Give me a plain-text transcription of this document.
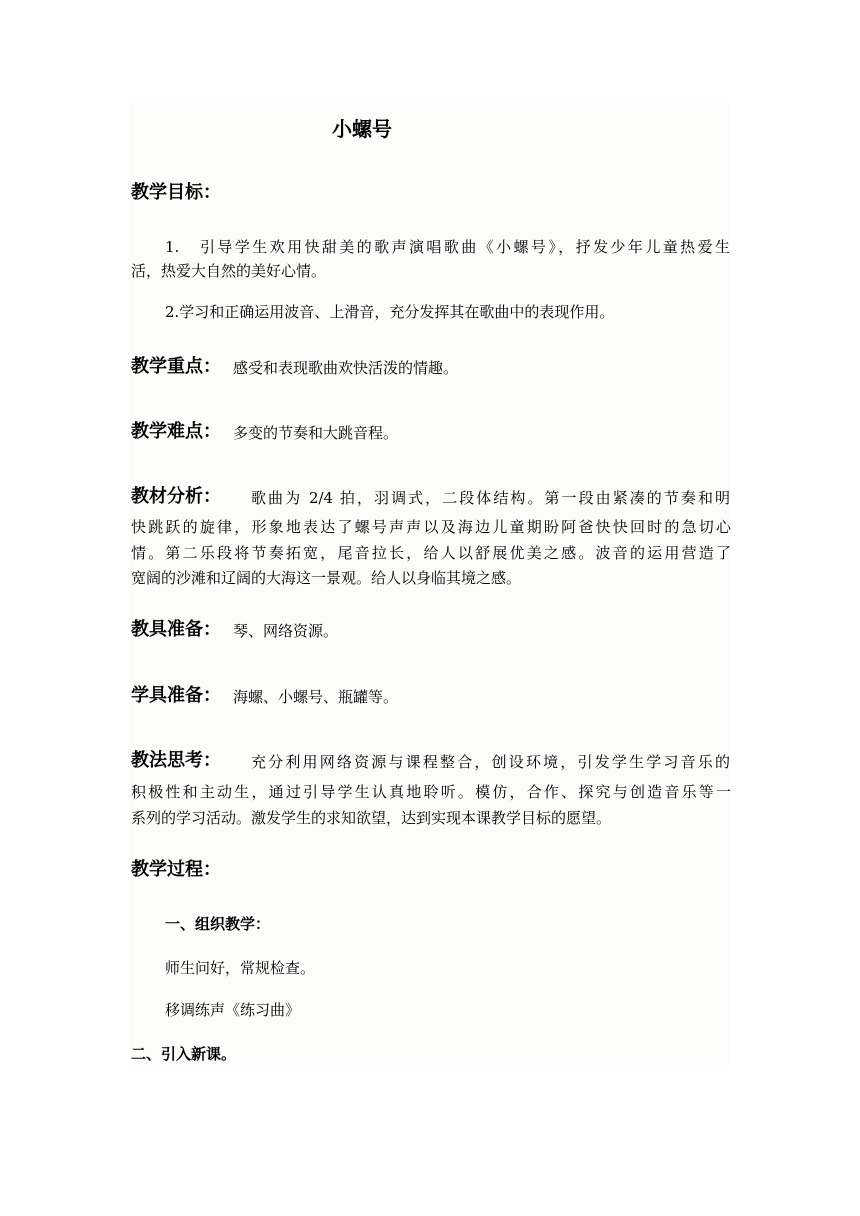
小螺号
教学目标：
1. 引导学生欢用快甜美的歌声演唱歌曲《小螺号》，抒发少年儿童热爱生
活，热爱大自然的美好心情。
2.学习和正确运用波音、上滑音，充分发挥其在歌曲中的表现作用。
教学重点： 感受和表现歌曲欢快活泼的情趣。
教学难点： 多变的节奏和大跳音程。
教材分析： 歌曲为 2/4 拍，羽调式，二段体结构。第一段由紧凑的节奏和明
快跳跃的旋律，形象地表达了螺号声声以及海边儿童期盼阿爸快快回时的急切心
情。第二乐段将节奏拓宽，尾音拉长，给人以舒展优美之感。波音的运用营造了
宽阔的沙滩和辽阔的大海这一景观。给人以身临其境之感。
教具准备： 琴、网络资源。
学具准备： 海螺、小螺号、瓶罐等。
教法思考： 充分利用网络资源与课程整合，创设环境，引发学生学习音乐的
积极性和主动生，通过引导学生认真地聆听。模仿，合作、探究与创造音乐等一
系列的学习活动。激发学生的求知欲望，达到实现本课教学目标的愿望。
教学过程：
一、组织教学：
师生问好，常规检查。
移调练声《练习曲》
二、引入新课。
